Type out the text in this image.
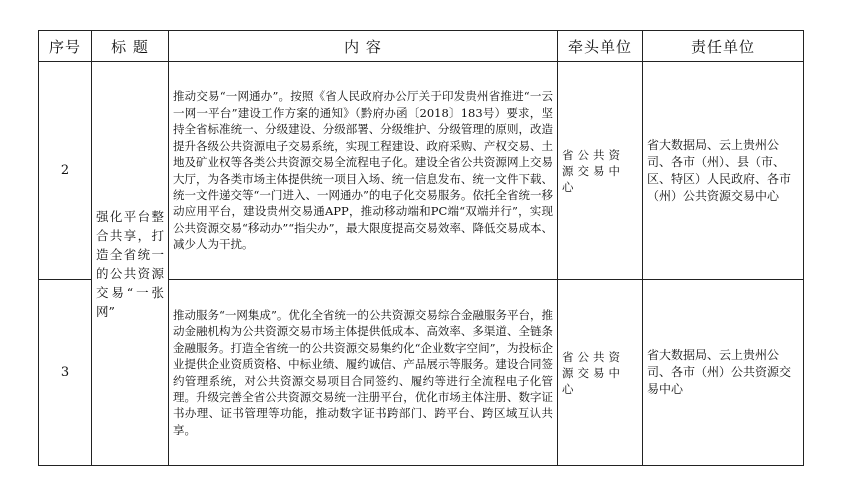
序号	标 题	内 容	牵头单位	责任单位
2	强化平台整合共享，打造全省统一的公共资源交易“一张网”	推动交易“一网通办”。按照《省人民政府办公厅关于印发贵州省推进“一云一网一平台”建设工作方案的通知》（黔府办函〔2018〕183号）要求，坚持全省标准统一、分级建设、分级部署、分级维护、分级管理的原则，改造提升各级公共资源电子交易系统，实现工程建设、政府采购、产权交易、土地及矿业权等各类公共资源交易全流程电子化。建设全省公共资源网上交易大厅，为各类市场主体提供统一项目入场、统一信息发布、统一文件下载、统一文件递交等“一门进入、一网通办”的电子化交易服务。依托全省统一移动应用平台，建设贵州交易通APP，推动移动端和PC端“双端并行”，实现公共资源交易“移动办”“指尖办”，最大限度提高交易效率、降低交易成本、减少人为干扰。	省公共资源交易中心	省大数据局、云上贵州公司、各市（州）、县（市、区、特区）人民政府、各市（州）公共资源交易中心
3		推动服务“一网集成”。优化全省统一的公共资源交易综合金融服务平台，推动金融机构为公共资源交易市场主体提供低成本、高效率、多渠道、全链条金融服务。打造全省统一的公共资源交易集约化“企业数字空间”，为投标企业提供企业资质资格、中标业绩、履约诚信、产品展示等服务。建设合同签约管理系统，对公共资源交易项目合同签约、履约等进行全流程电子化管理。升级完善全省公共资源交易统一注册平台，优化市场主体注册、数字证书办理、证书管理等功能，推动数字证书跨部门、跨平台、跨区域互认共享。	省公共资源交易中心	省大数据局、云上贵州公司、各市（州）公共资源交易中心
